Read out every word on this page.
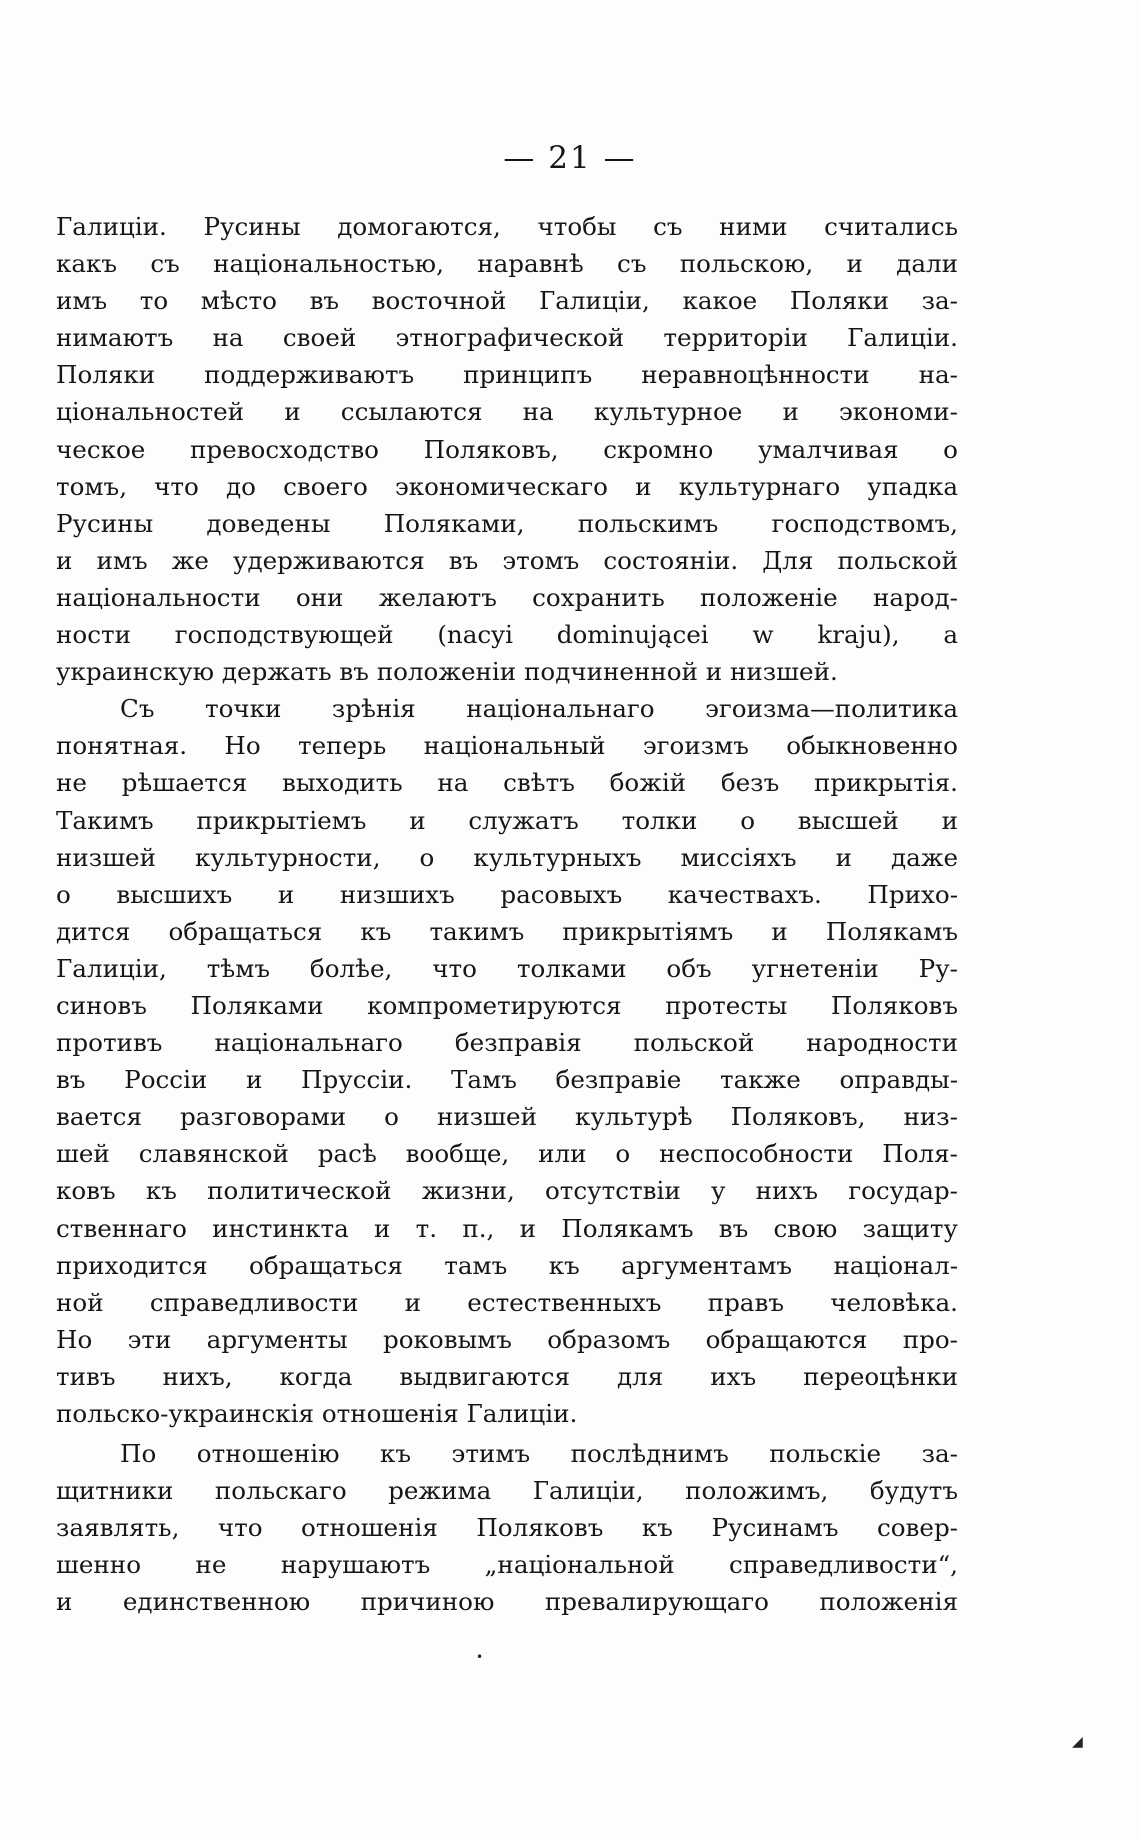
— 21 —
Галиціи. Русины домогаются, чтобы съ ними считались
какъ съ національностью, наравнѣ съ польскою, и дали
имъ то мѣсто въ восточной Галиціи, какое Поляки за-
нимаютъ на своей этнографической территоріи Галиціи.
Поляки поддерживаютъ принципъ неравноцѣнности на-
ціональностей и ссылаются на культурное и экономи-
ческое превосходство Поляковъ, скромно умалчивая о
томъ, что до своего экономическаго и культурнаго упадка
Русины доведены Поляками, польскимъ господствомъ,
и имъ же удерживаются въ этомъ состояніи. Для польской
національности они желаютъ сохранить положеніе народ-
ности господствующей (nacyi dominującei w kraju), а
украинскую держать въ положеніи подчиненной и низшей.
Съ точки зрѣнія національнаго эгоизма—политика
понятная. Но теперь національный эгоизмъ обыкновенно
не рѣшается выходить на свѣтъ божій безъ прикрытія.
Такимъ прикрытіемъ и служатъ толки о высшей и
низшей культурности, о культурныхъ миссіяхъ и даже
о высшихъ и низшихъ расовыхъ качествахъ. Прихо-
дится обращаться къ такимъ прикрытіямъ и Полякамъ
Галиціи, тѣмъ болѣе, что толками объ угнетеніи Ру-
синовъ Поляками компрометируются протесты Поляковъ
противъ національнаго безправія польской народности
въ Россіи и Пруссіи. Тамъ безправіе также оправды-
вается разговорами о низшей культурѣ Поляковъ, низ-
шей славянской расѣ вообще, или о неспособности Поля-
ковъ къ политической жизни, отсутствіи у нихъ государ-
ственнаго инстинкта и т. п., и Полякамъ въ свою защиту
приходится обращаться тамъ къ аргументамъ націонал-
ной справедливости и естественныхъ правъ человѣка.
Но эти аргументы роковымъ образомъ обращаются про-
тивъ нихъ, когда выдвигаются для ихъ переоцѣнки
польско-украинскія отношенія Галиціи.
По отношенію къ этимъ послѣднимъ польскіе за-
щитники польскаго режима Галиціи, положимъ, будутъ
заявлять, что отношенія Поляковъ къ Русинамъ совер-
шенно не нарушаютъ „національной справедливости“,
и единственною причиною превалирующаго положенія
•
◢
